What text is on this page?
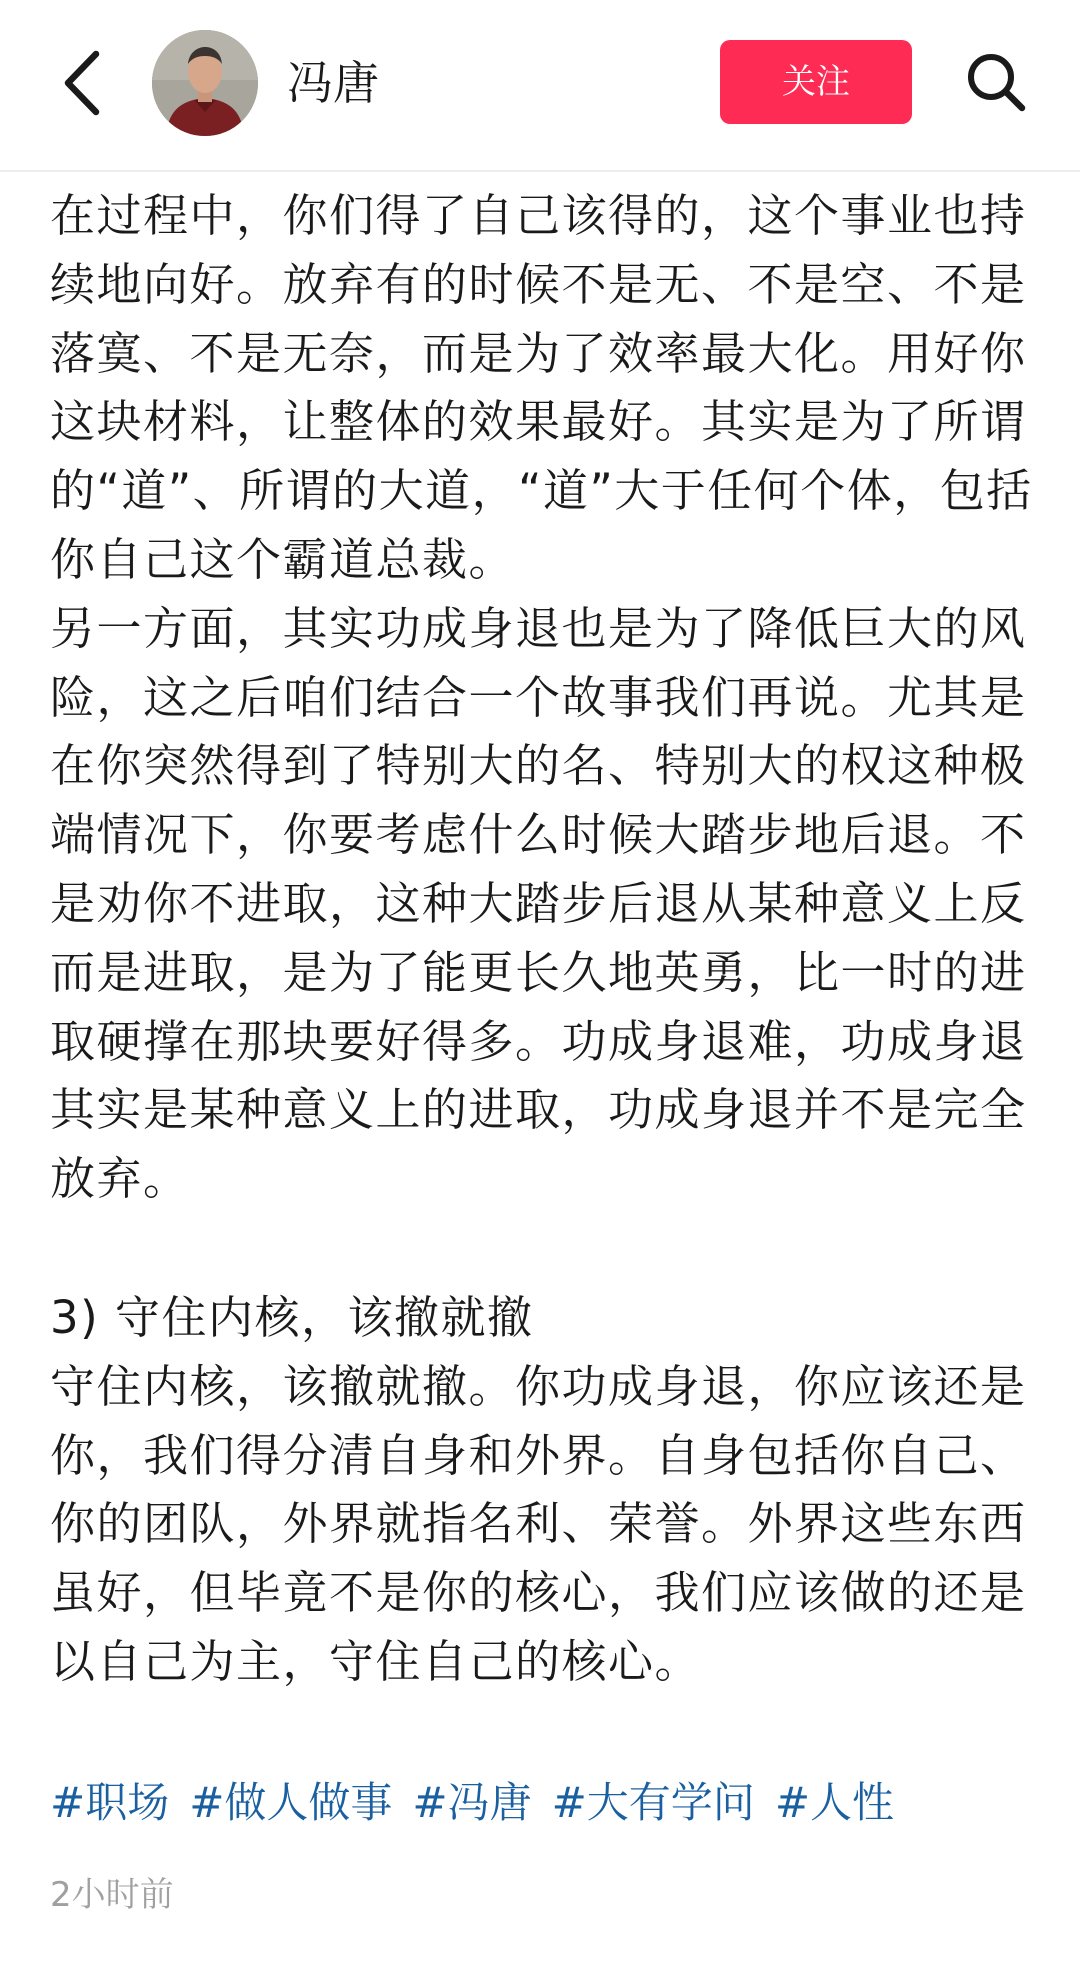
冯唐	关注

在过程中，你们得了自己该得的，这个事业也持续地向好。放弃有的时候不是无、不是空、不是落寞、不是无奈，而是为了效率最大化。用好你这块材料，让整体的效果最好。其实是为了所谓的“道”、所谓的大道，“道”大于任何个体，包括你自己这个霸道总裁。

另一方面，其实功成身退也是为了降低巨大的风险，这之后咱们结合一个故事我们再说。尤其是在你突然得到了特别大的名、特别大的权这种极端情况下，你要考虑什么时候大踏步地后退。不是劝你不进取，这种大踏步后退从某种意义上反而是进取，是为了能更长久地英勇，比一时的进取硬撑在那块要好得多。功成身退难，功成身退其实是某种意义上的进取，功成身退并不是完全放弃。

3) 守住内核，该撤就撤

守住内核，该撤就撤。你功成身退，你应该还是你，我们得分清自身和外界。自身包括你自己、你的团队，外界就指名利、荣誉。外界这些东西虽好，但毕竟不是你的核心，我们应该做的还是以自己为主，守住自己的核心。

#职场 #做人做事 #冯唐 #大有学问 #人性
2小时前
